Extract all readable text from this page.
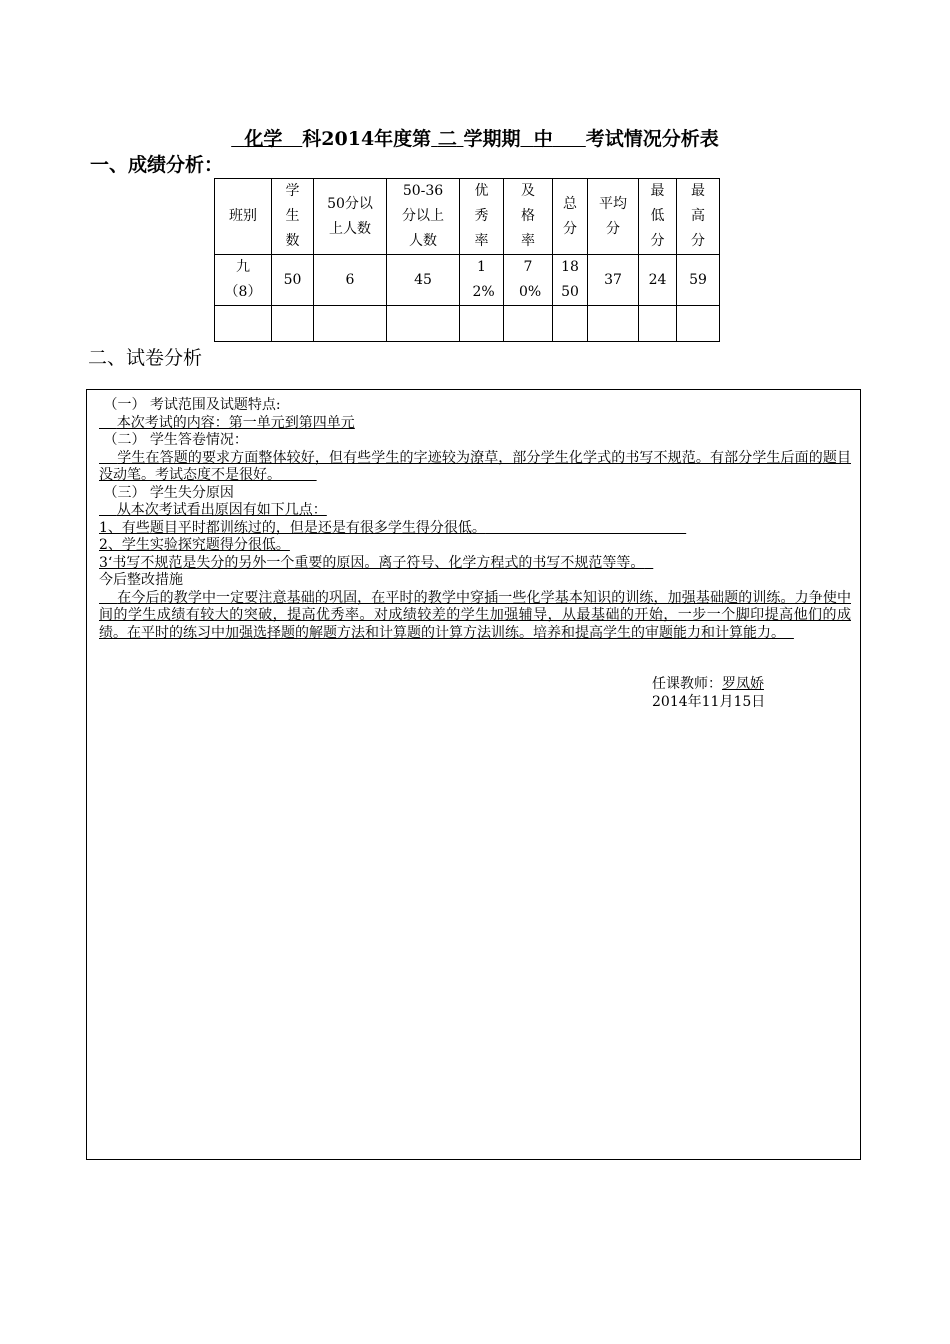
化学 科2014年度第 二 学期期 中 考试情况分析表
一、成绩分析：
班别	学生数	50分以上人数	50-36分以上人数	优秀率	及格率	总分	平均分	最低分	最高分
九（8）	50	6	45	12%	70%	1850	37	24	59

二、试卷分析

（一） 考试范围及试题特点:

本次考试的内容：第一单元到第四单元

（二） 学生答卷情况：

学生在答题的要求方面整体较好，但有些学生的字迹较为潦草，部分学生化学式的书写不规范。有部分学生后面的题目没动笔。考试态度不是很好。

（三） 学生失分原因

从本次考试看出原因有如下几点：

1、有些题目平时都训练过的，但是还是有很多学生得分很低。

2、学生实验探究题得分很低。

3‘书写不规范是失分的另外一个重要的原因。离子符号、化学方程式的书写不规范等等。

今后整改措施

在今后的教学中一定要注意基础的巩固，在平时的教学中穿插一些化学基本知识的训练，加强基础题的训练。力争使中间的学生成绩有较大的突破，提高优秀率。对成绩较差的学生加强辅导，从最基础的开始，一步一个脚印提高他们的成绩。在平时的练习中加强选择题的解题方法和计算题的计算方法训练。培养和提高学生的审题能力和计算能力。

任课教师：罗凤娇
2014年11月15日
